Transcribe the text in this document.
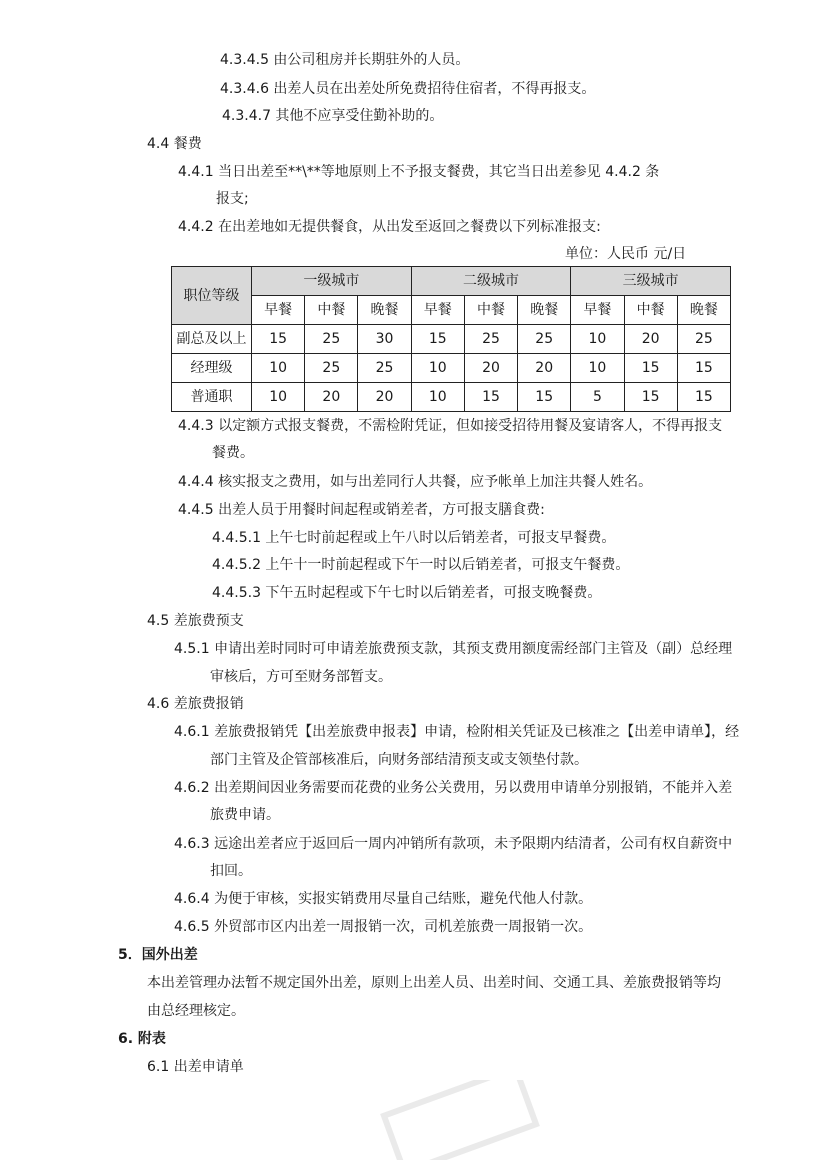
4.3.4.5 由公司租房并长期驻外的人员。
4.3.4.6 出差人员在出差处所免费招待住宿者，不得再报支。
4.3.4.7 其他不应享受住勤补助的。
4.4 餐费
4.4.1 当日出差至**\**等地原则上不予报支餐费，其它当日出差参见 4.4.2 条
报支;
4.4.2 在出差地如无提供餐食，从出发至返回之餐费以下列标准报支:
单位：人民币 元/日
职位等级	一级城市			二级城市			三级城市		
	早餐	中餐	晚餐	早餐	中餐	晚餐	早餐	中餐	晚餐
副总及以上	15	25	30	15	25	25	10	20	25
经理级	10	25	25	10	20	20	10	15	15
普通职	10	20	20	10	15	15	5	15	15
4.4.3 以定额方式报支餐费，不需检附凭证，但如接受招待用餐及宴请客人，不得再报支
餐费。
4.4.4 核实报支之费用，如与出差同行人共餐，应予帐单上加注共餐人姓名。
4.4.5 出差人员于用餐时间起程或销差者，方可报支膳食费:
4.4.5.1 上午七时前起程或上午八时以后销差者，可报支早餐费。
4.4.5.2 上午十一时前起程或下午一时以后销差者，可报支午餐费。
4.4.5.3 下午五时起程或下午七时以后销差者，可报支晚餐费。
4.5 差旅费预支
4.5.1 申请出差时同时可申请差旅费预支款，其预支费用额度需经部门主管及（副）总经理
审核后，方可至财务部暂支。
4.6 差旅费报销
4.6.1 差旅费报销凭【出差旅费申报表】申请，检附相关凭证及已核准之【出差申请单】，经
部门主管及企管部核准后，向财务部结清预支或支领垫付款。
4.6.2 出差期间因业务需要而花费的业务公关费用，另以费用申请单分别报销，不能并入差
旅费申请。
4.6.3 远途出差者应于返回后一周内冲销所有款项，未予限期内结清者，公司有权自薪资中
扣回。
4.6.4 为便于审核，实报实销费用尽量自己结账，避免代他人付款。
4.6.5 外贸部市区内出差一周报销一次，司机差旅费一周报销一次。
5．国外出差
本出差管理办法暂不规定国外出差，原则上出差人员、出差时间、交通工具、差旅费报销等均
由总经理核定。
6. 附表
6.1 出差申请单
